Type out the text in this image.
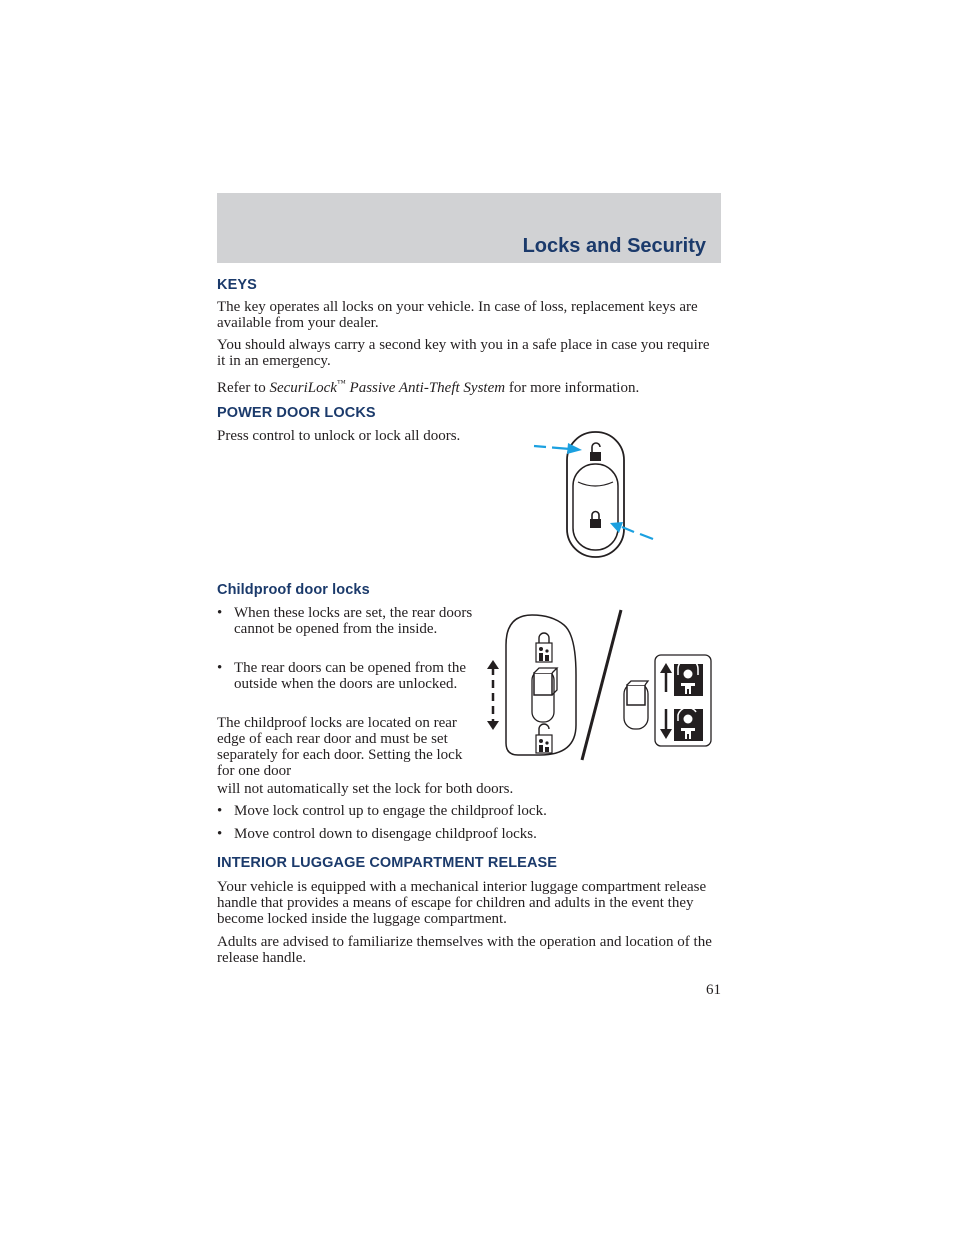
Locks and Security
KEYS

The key operates all locks on your vehicle. In case of loss, replacement keys are available from your dealer.

You should always carry a second key with you in a safe place in case you require it in an emergency.

Refer to SecuriLock™ Passive Anti-Theft System for more information.

POWER DOOR LOCKS

Press control to unlock or lock all doors.

Childproof door locks
• When these locks are set, the rear doors cannot be opened from the inside.
• The rear doors can be opened from the outside when the doors are unlocked.

The childproof locks are located on rear edge of each rear door and must be set separately for each door. Setting the lock for one door

will not automatically set the lock for both doors.

• Move lock control up to engage the childproof lock.
• Move control down to disengage childproof locks.
INTERIOR LUGGAGE COMPARTMENT RELEASE

Your vehicle is equipped with a mechanical interior luggage compartment release handle that provides a means of escape for children and adults in the event they become locked inside the luggage compartment.

Adults are advised to familiarize themselves with the operation and location of the release handle.

61
